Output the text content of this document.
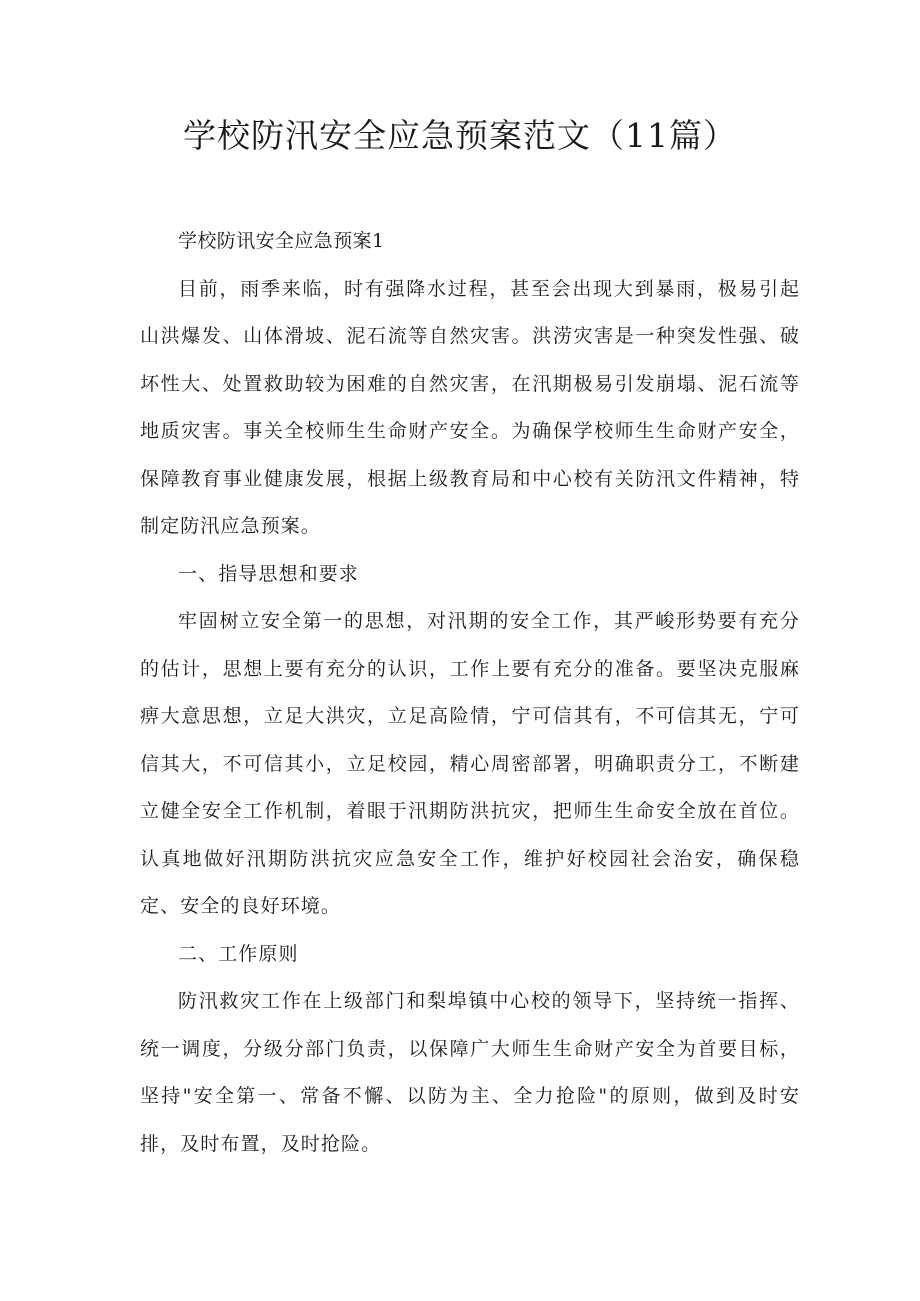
学校防汛安全应急预案范文（11篇）

学校防讯安全应急预案1

目前，雨季来临，时有强降水过程，甚至会出现大到暴雨，极易引起山洪爆发、山体滑坡、泥石流等自然灾害。洪涝灾害是一种突发性强、破坏性大、处置救助较为困难的自然灾害，在汛期极易引发崩塌、泥石流等地质灾害。事关全校师生生命财产安全。为确保学校师生生命财产安全，保障教育事业健康发展，根据上级教育局和中心校有关防汛文件精神，特制定防汛应急预案。

一、指导思想和要求

牢固树立安全第一的思想，对汛期的安全工作，其严峻形势要有充分的估计，思想上要有充分的认识，工作上要有充分的准备。要坚决克服麻痹大意思想，立足大洪灾，立足高险情，宁可信其有，不可信其无，宁可信其大，不可信其小，立足校园，精心周密部署，明确职责分工，不断建立健全安全工作机制，着眼于汛期防洪抗灾，把师生生命安全放在首位。认真地做好汛期防洪抗灾应急安全工作，维护好校园社会治安，确保稳定、安全的良好环境。

二、工作原则

防汛救灾工作在上级部门和梨埠镇中心校的领导下，坚持统一指挥、统一调度，分级分部门负责，以保障广大师生生命财产安全为首要目标，坚持"安全第一、常备不懈、以防为主、全力抢险"的原则，做到及时安排，及时布置，及时抢险。
